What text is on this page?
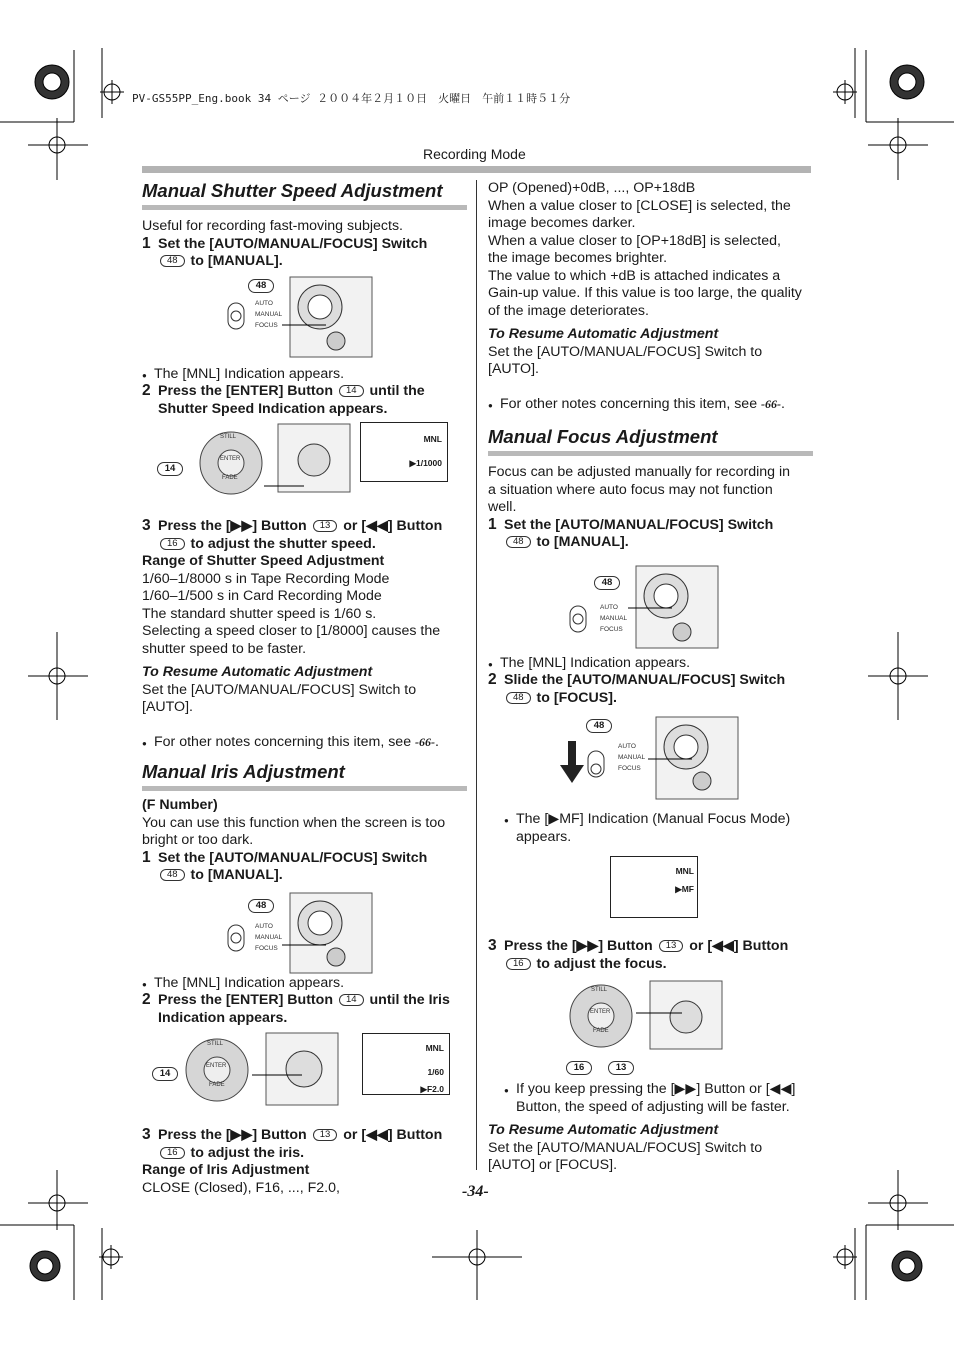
PV-GS55PP_Eng.book 34 ページ ２００４年２月１０日　火曜日　午前１１時５１分
Recording Mode
Manual Shutter Speed Adjustment

Useful for recording fast-moving subjects.

1 Set the [AUTO/MANUAL/FOCUS] Switch
48 to [MANUAL].
48
AUTO
MANUAL
FOCUS
● The [MNL] Indication appears.
2 Press the [ENTER] Button 14 until the
Shutter Speed Indication appears.
14
STILL
ENTER
FADE
MNL
▶1/1000
3 Press the [▶▶] Button 13 or [◀◀] Button
16 to adjust the shutter speed.

Range of Shutter Speed Adjustment

1/60–1/8000 s in Tape Recording Mode

1/60–1/500 s in Card Recording Mode

The standard shutter speed is 1/60 s.

Selecting a speed closer to [1/8000] causes the

shutter speed to be faster.

To Resume Automatic Adjustment

Set the [AUTO/MANUAL/FOCUS] Switch to

[AUTO].

● For other notes concerning this item, see -66-.
Manual Iris Adjustment

(F Number)

You can use this function when the screen is too

bright or too dark.

1 Set the [AUTO/MANUAL/FOCUS] Switch
48 to [MANUAL].
48
AUTO
MANUAL
FOCUS
● The [MNL] Indication appears.
2 Press the [ENTER] Button 14 until the Iris
Indication appears.
14
STILL
ENTER
FADE
MNL
1/60
▶F2.0
3 Press the [▶▶] Button 13 or [◀◀] Button
16 to adjust the iris.

Range of Iris Adjustment

CLOSE (Closed), F16, ..., F2.0,

OP (Opened)+0dB, ..., OP+18dB

When a value closer to [CLOSE] is selected, the

image becomes darker.

When a value closer to [OP+18dB] is selected,

the image becomes brighter.

The value to which +dB is attached indicates a

Gain-up value. If this value is too large, the quality

of the image deteriorates.

To Resume Automatic Adjustment

Set the [AUTO/MANUAL/FOCUS] Switch to

[AUTO].

● For other notes concerning this item, see -66-.
Manual Focus Adjustment

Focus can be adjusted manually for recording in

a situation where auto focus may not function

well.

1 Set the [AUTO/MANUAL/FOCUS] Switch
48 to [MANUAL].
48
AUTO
MANUAL
FOCUS
● The [MNL] Indication appears.
2 Slide the [AUTO/MANUAL/FOCUS] Switch
48 to [FOCUS].
48
AUTO
MANUAL
FOCUS
● The [▶MF] Indication (Manual Focus Mode)
appears.
MNL
▶MF
3 Press the [▶▶] Button 13 or [◀◀] Button
16 to adjust the focus.
STILL
ENTER
FADE
16	13
● If you keep pressing the [▶▶] Button or [◀◀]
Button, the speed of adjusting will be faster.

To Resume Automatic Adjustment

Set the [AUTO/MANUAL/FOCUS] Switch to

[AUTO] or [FOCUS].

-34-
